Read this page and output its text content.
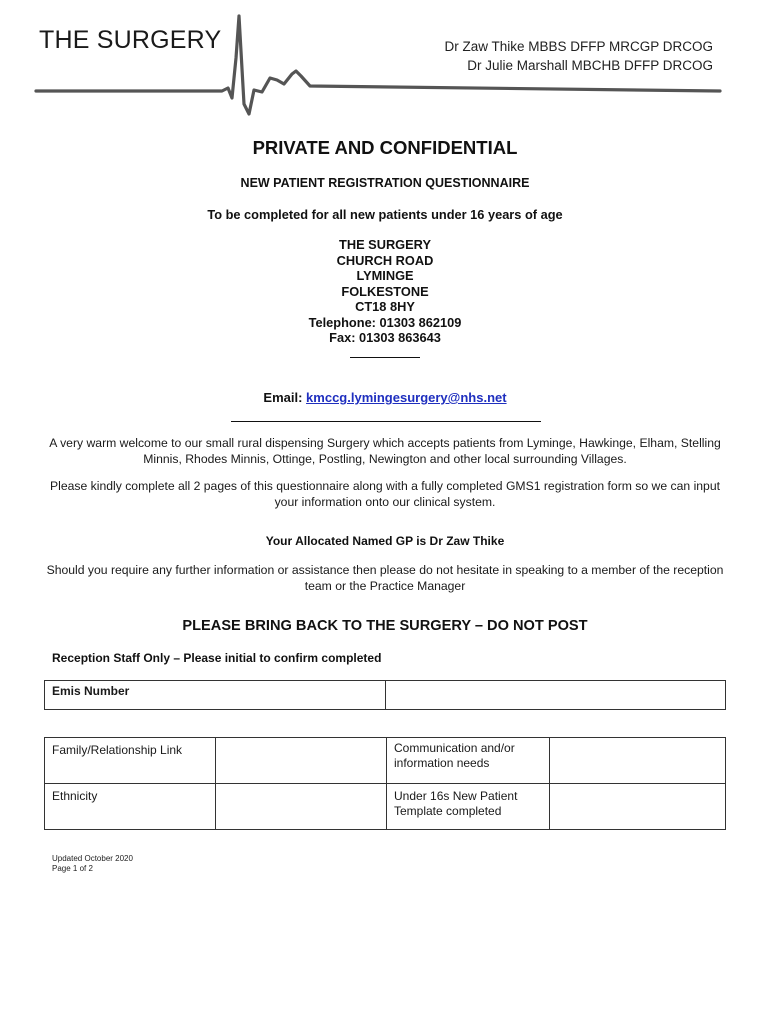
THE SURGERY	Dr Zaw Thike MBBS DFFP MRCGP DRCOG
Dr Julie Marshall MBCHB DFFP DRCOG
PRIVATE AND CONFIDENTIAL
NEW PATIENT REGISTRATION QUESTIONNAIRE
To be completed for all new patients under 16 years of age
THE SURGERY
CHURCH ROAD
LYMINGE
FOLKESTONE
CT18 8HY
Telephone: 01303 862109
Fax: 01303 863643
Email: kmccg.lymingesurgery@nhs.net
A very warm welcome to our small rural dispensing Surgery which accepts patients from Lyminge, Hawkinge, Elham, Stelling Minnis, Rhodes Minnis, Ottinge, Postling, Newington and other local surrounding Villages.
Please kindly complete all 2 pages of this questionnaire along with a fully completed GMS1 registration form so we can input your information onto our clinical system.
Your Allocated Named GP is Dr Zaw Thike
Should you require any further information or assistance then please do not hesitate in speaking to a member of the reception team or the Practice Manager
PLEASE BRING BACK TO THE SURGERY – DO NOT POST
Reception Staff Only – Please initial to confirm completed
Emis Number	
Family/Relationship Link		Communication and/or information needs	
Ethnicity		Under 16s New Patient Template completed	
Updated October 2020
Page 1 of 2
